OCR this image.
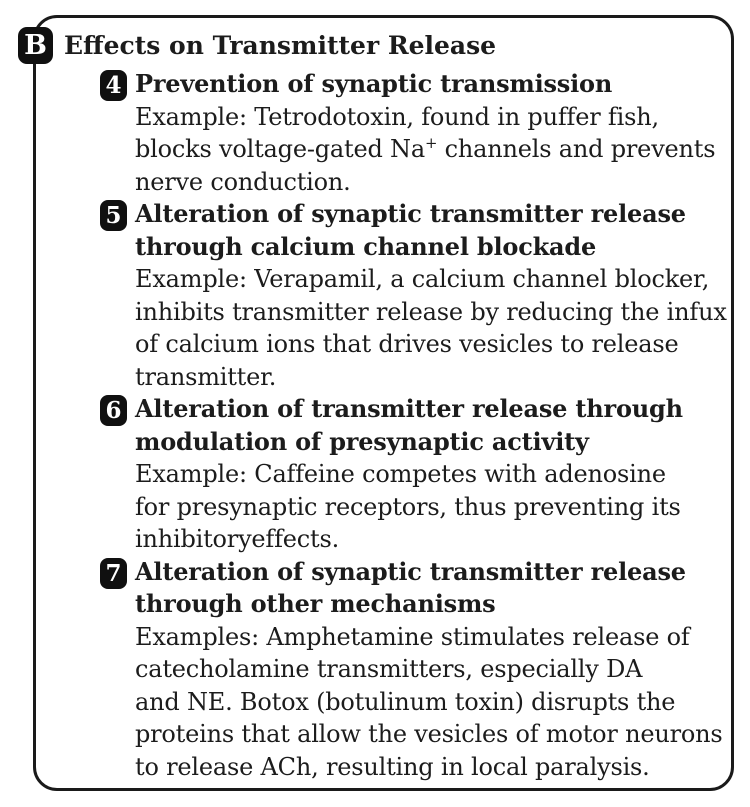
B Effects on Transmitter Release
4 Prevention of synaptic transmission
Example: Tetrodotoxin, found in puffer fish,
blocks voltage-gated Na+ channels and prevents
nerve conduction.
5 Alteration of synaptic transmitter release
through calcium channel blockade
Example: Verapamil, a calcium channel blocker,
inhibits transmitter release by reducing the infux
of calcium ions that drives vesicles to release
transmitter.
6 Alteration of transmitter release through
modulation of presynaptic activity
Example: Caffeine competes with adenosine
for presynaptic receptors, thus preventing its
inhibitoryeffects.
7 Alteration of synaptic transmitter release
through other mechanisms
Examples: Amphetamine stimulates release of
catecholamine transmitters, especially DA
and NE. Botox (botulinum toxin) disrupts the
proteins that allow the vesicles of motor neurons
to release ACh, resulting in local paralysis.
